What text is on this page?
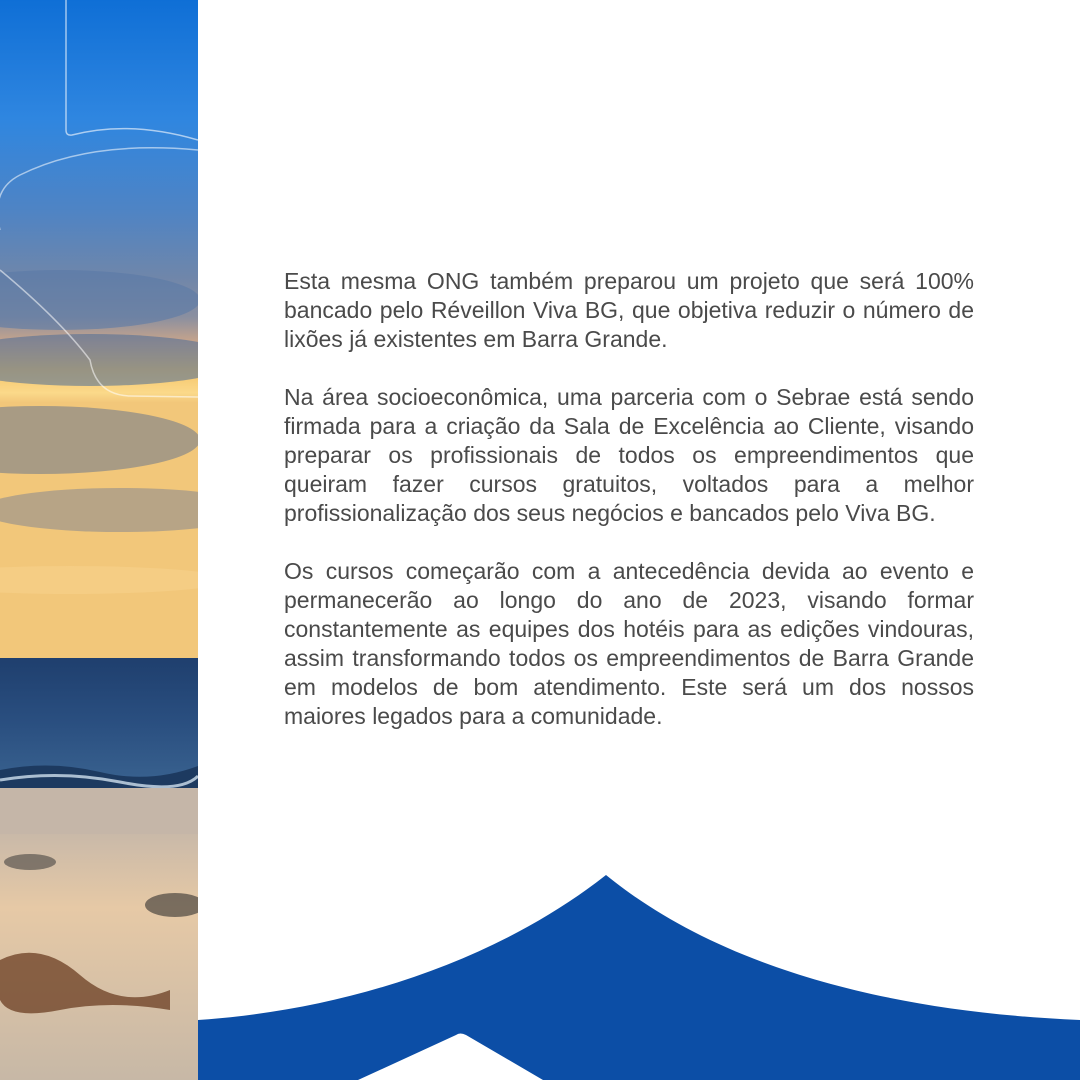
Esta mesma ONG também preparou um projeto que será 100% bancado pelo Réveillon Viva BG, que objetiva reduzir o número de lixões já existentes em Barra Grande.

Na área socioeconômica, uma parceria com o Sebrae está sendo firmada para a criação da Sala de Excelência ao Cliente, visando preparar os profissionais de todos os empreendimentos que queiram fazer cursos gratuitos, voltados para a melhor profissionalização dos seus negócios e bancados pelo Viva BG.

Os cursos começarão com a antecedência devida ao evento e permanecerão ao longo do ano de 2023, visando formar constantemente as equipes dos hotéis para as edições vindouras, assim transformando todos os empreendimentos de Barra Grande em modelos de bom atendimento. Este será um dos nossos maiores legados para a comunidade.
